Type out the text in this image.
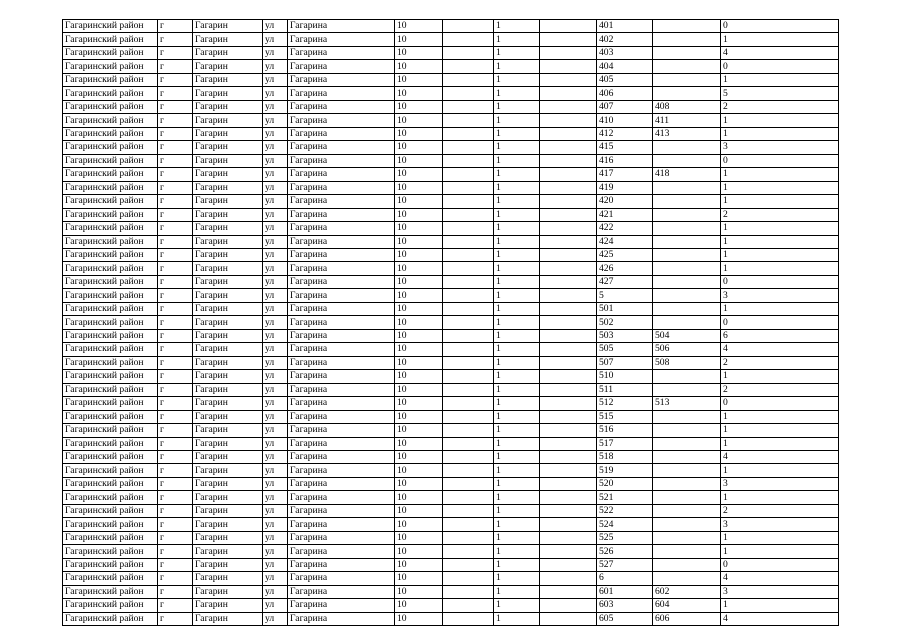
Гагаринский район	г	Гагарин	ул	Гагарина	10		1		401		0
Гагаринский район	г	Гагарин	ул	Гагарина	10		1		402		1
Гагаринский район	г	Гагарин	ул	Гагарина	10		1		403		4
Гагаринский район	г	Гагарин	ул	Гагарина	10		1		404		0
Гагаринский район	г	Гагарин	ул	Гагарина	10		1		405		1
Гагаринский район	г	Гагарин	ул	Гагарина	10		1		406		5
Гагаринский район	г	Гагарин	ул	Гагарина	10		1		407	408	2
Гагаринский район	г	Гагарин	ул	Гагарина	10		1		410	411	1
Гагаринский район	г	Гагарин	ул	Гагарина	10		1		412	413	1
Гагаринский район	г	Гагарин	ул	Гагарина	10		1		415		3
Гагаринский район	г	Гагарин	ул	Гагарина	10		1		416		0
Гагаринский район	г	Гагарин	ул	Гагарина	10		1		417	418	1
Гагаринский район	г	Гагарин	ул	Гагарина	10		1		419		1
Гагаринский район	г	Гагарин	ул	Гагарина	10		1		420		1
Гагаринский район	г	Гагарин	ул	Гагарина	10		1		421		2
Гагаринский район	г	Гагарин	ул	Гагарина	10		1		422		1
Гагаринский район	г	Гагарин	ул	Гагарина	10		1		424		1
Гагаринский район	г	Гагарин	ул	Гагарина	10		1		425		1
Гагаринский район	г	Гагарин	ул	Гагарина	10		1		426		1
Гагаринский район	г	Гагарин	ул	Гагарина	10		1		427		0
Гагаринский район	г	Гагарин	ул	Гагарина	10		1		5		3
Гагаринский район	г	Гагарин	ул	Гагарина	10		1		501		1
Гагаринский район	г	Гагарин	ул	Гагарина	10		1		502		0
Гагаринский район	г	Гагарин	ул	Гагарина	10		1		503	504	6
Гагаринский район	г	Гагарин	ул	Гагарина	10		1		505	506	4
Гагаринский район	г	Гагарин	ул	Гагарина	10		1		507	508	2
Гагаринский район	г	Гагарин	ул	Гагарина	10		1		510		1
Гагаринский район	г	Гагарин	ул	Гагарина	10		1		511		2
Гагаринский район	г	Гагарин	ул	Гагарина	10		1		512	513	0
Гагаринский район	г	Гагарин	ул	Гагарина	10		1		515		1
Гагаринский район	г	Гагарин	ул	Гагарина	10		1		516		1
Гагаринский район	г	Гагарин	ул	Гагарина	10		1		517		1
Гагаринский район	г	Гагарин	ул	Гагарина	10		1		518		4
Гагаринский район	г	Гагарин	ул	Гагарина	10		1		519		1
Гагаринский район	г	Гагарин	ул	Гагарина	10		1		520		3
Гагаринский район	г	Гагарин	ул	Гагарина	10		1		521		1
Гагаринский район	г	Гагарин	ул	Гагарина	10		1		522		2
Гагаринский район	г	Гагарин	ул	Гагарина	10		1		524		3
Гагаринский район	г	Гагарин	ул	Гагарина	10		1		525		1
Гагаринский район	г	Гагарин	ул	Гагарина	10		1		526		1
Гагаринский район	г	Гагарин	ул	Гагарина	10		1		527		0
Гагаринский район	г	Гагарин	ул	Гагарина	10		1		6		4
Гагаринский район	г	Гагарин	ул	Гагарина	10		1		601	602	3
Гагаринский район	г	Гагарин	ул	Гагарина	10		1		603	604	1
Гагаринский район	г	Гагарин	ул	Гагарина	10		1		605	606	4
